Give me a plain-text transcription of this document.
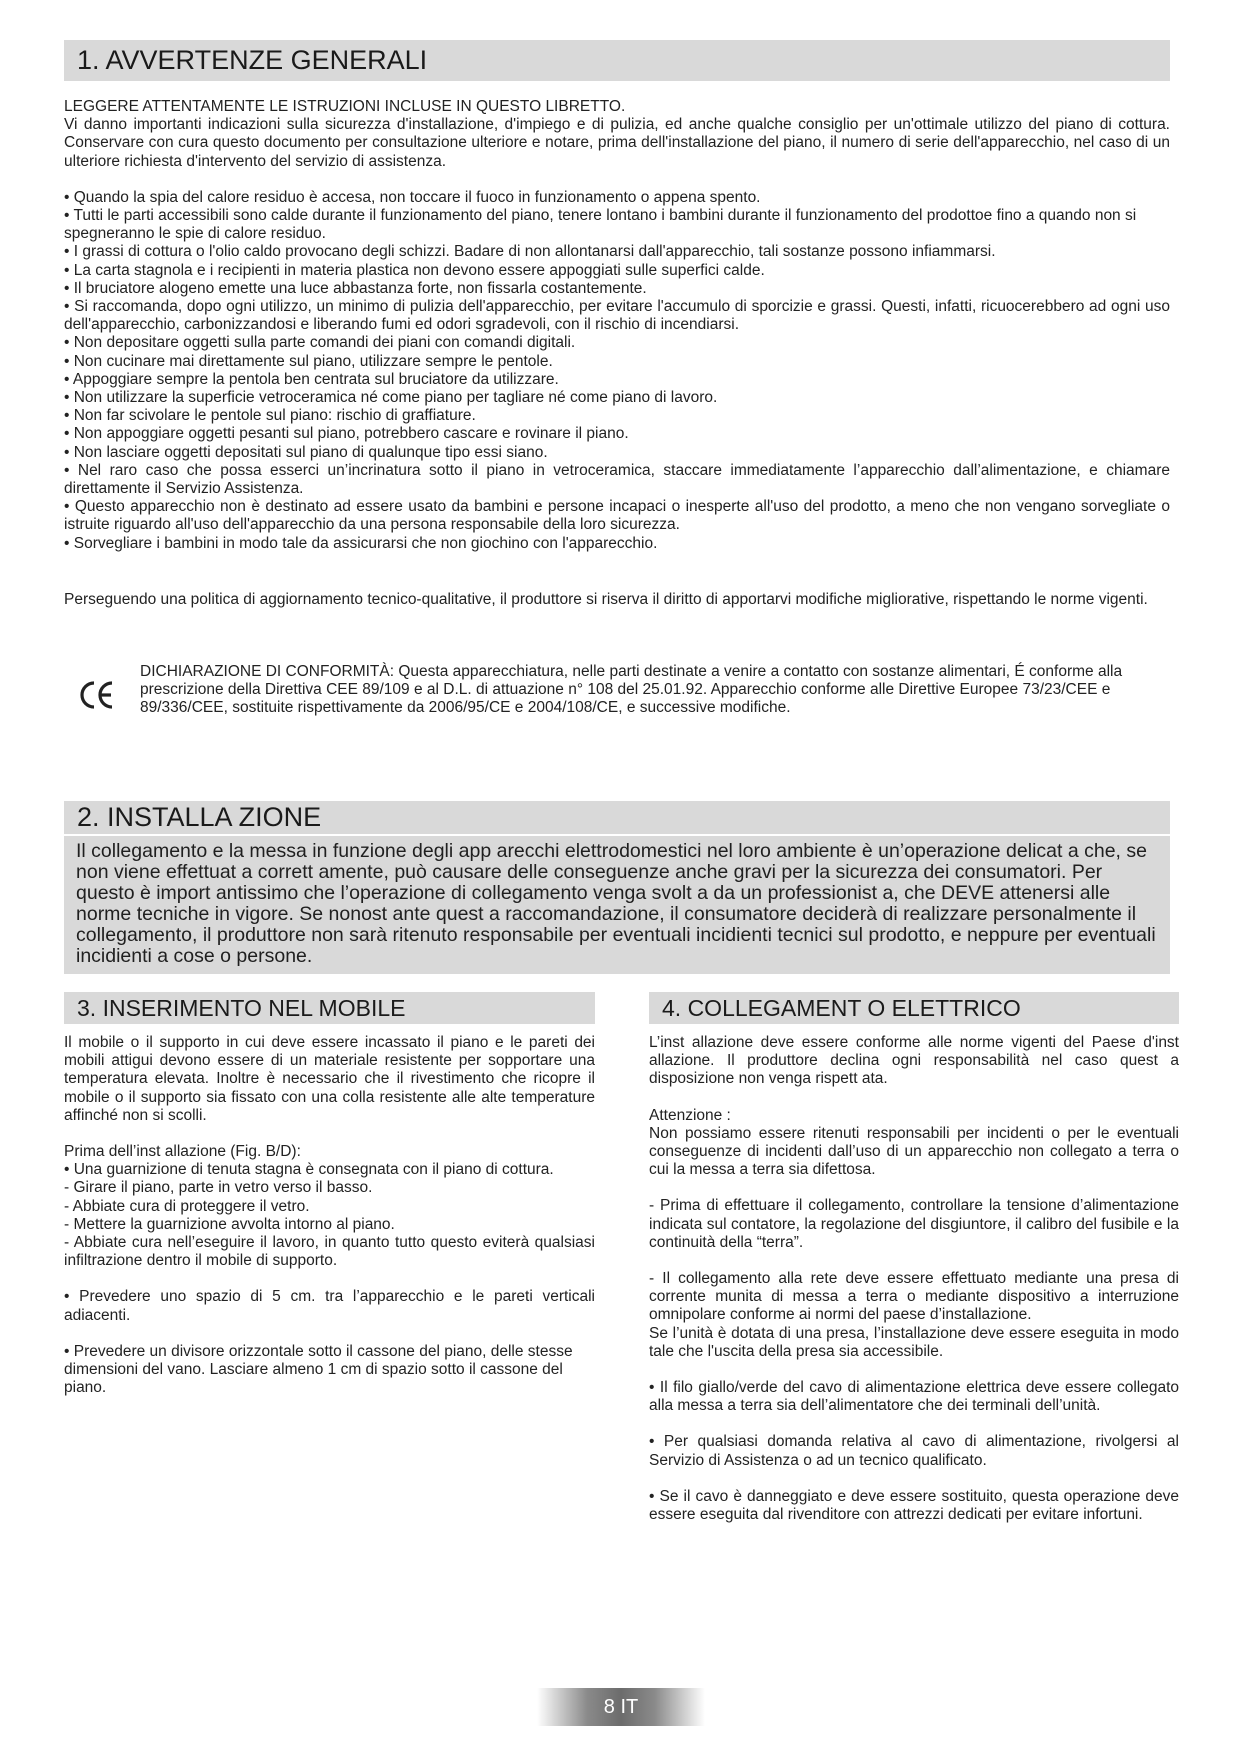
1. AVVERTENZE GENERALI

LEGGERE ATTENTAMENTE LE ISTRUZIONI INCLUSE IN QUESTO LIBRETTO.

Vi danno importanti indicazioni sulla sicurezza d'installazione, d'impiego e di pulizia, ed anche qualche consiglio per un'ottimale utilizzo del piano di cottura. Conservare con cura questo documento per consultazione ulteriore e notare, prima dell'installazione del piano, il numero di serie dell'apparecchio, nel caso di un ulteriore richiesta d'intervento del servizio di assistenza.

• Quando la spia del calore residuo è accesa, non toccare il fuoco in funzionamento o appena spento.

• Tutti le parti accessibili sono calde durante il funzionamento del piano, tenere lontano i bambini durante il funzionamento del prodottoe fino a quando non si spegneranno le spie di calore residuo.

• I grassi di cottura o l'olio caldo provocano degli schizzi. Badare di non allontanarsi dall'apparecchio, tali sostanze possono infiammarsi.

• La carta stagnola e i recipienti in materia plastica non devono essere appoggiati sulle superfici calde.

• Il bruciatore alogeno emette una luce abbastanza forte, non fissarla costantemente.

• Si raccomanda, dopo ogni utilizzo, un minimo di pulizia dell'apparecchio, per evitare l'accumulo di sporcizie e grassi. Questi, infatti, ricuocerebbero ad ogni uso dell'apparecchio, carbonizzandosi e liberando fumi ed odori sgradevoli, con il rischio di incendiarsi.

• Non depositare oggetti sulla parte comandi dei piani con comandi digitali.

• Non cucinare mai direttamente sul piano, utilizzare sempre le pentole.

• Appoggiare sempre la pentola ben centrata sul bruciatore da utilizzare.

• Non utilizzare la superficie vetroceramica né come piano per tagliare né come piano di lavoro.

• Non far scivolare le pentole sul piano: rischio di graffiature.

• Non appoggiare oggetti pesanti sul piano, potrebbero cascare e rovinare il piano.

• Non lasciare oggetti depositati sul piano di qualunque tipo essi siano.

• Nel raro caso che possa esserci un’incrinatura sotto il piano in vetroceramica, staccare immediatamente l’apparecchio dall’alimentazione, e chiamare direttamente il Servizio Assistenza.

• Questo apparecchio non è destinato ad essere usato da bambini e persone incapaci o inesperte all'uso del prodotto, a meno che non vengano sorvegliate o istruite riguardo all'uso dell'apparecchio da una persona responsabile della loro sicurezza.

• Sorvegliare i bambini in modo tale da assicurarsi che non giochino con l'apparecchio.

Perseguendo una politica di aggiornamento tecnico-qualitative, il produttore si riserva il diritto di apportarvi modifiche migliorative, rispettando le norme vigenti.

DICHIARAZIONE DI CONFORMITÀ: Questa apparecchiatura, nelle parti destinate a venire a contatto con sostanze alimentari, É conforme alla prescrizione della Direttiva CEE 89/109 e al D.L. di attuazione n° 108 del 25.01.92. Apparecchio conforme alle Direttive Europee 73/23/CEE e 89/336/CEE, sostituite rispettivamente da 2006/95/CE e 2004/108/CE, e successive modifiche.

2. INSTALLA ZIONE

Il collegamento e la messa in funzione degli app arecchi elettrodomestici nel loro ambiente è un’operazione delicat a che, se non viene effettuat a corrett amente, può causare delle conseguenze anche gravi per la sicurezza dei consumatori. Per questo è import antissimo che l’operazione di collegamento venga svolt a da un professionist a, che DEVE attenersi alle norme tecniche in vigore. Se nonost ante quest a raccomandazione, il consumatore deciderà di realizzare personalmente il collegamento, il produttore non sarà ritenuto responsabile per eventuali incidienti tecnici sul prodotto, e neppure per eventuali incidienti a cose o persone.

3. INSERIMENTO NEL MOBILE

Il mobile o il supporto in cui deve essere incassato il piano e le pareti dei mobili attigui devono essere di un materiale resistente per sopportare una temperatura elevata. Inoltre è necessario che il rivestimento che ricopre il mobile o il supporto sia fissato con una colla resistente alle alte temperature affinché non si scolli.

Prima dell’inst allazione (Fig. B/D):

• Una guarnizione di tenuta stagna è consegnata con il piano di cottura.

- Girare il piano, parte in vetro verso il basso.

- Abbiate cura di proteggere il vetro.

- Mettere la guarnizione avvolta intorno al piano.

- Abbiate cura nell’eseguire il lavoro, in quanto tutto questo eviterà qualsiasi infiltrazione dentro il mobile di supporto.

• Prevedere uno spazio di 5 cm. tra l’apparecchio e le pareti verticali adiacenti.

• Prevedere un divisore orizzontale sotto il cassone del piano, delle stesse dimensioni del vano. Lasciare almeno 1 cm di spazio sotto il cassone del piano.

4. COLLEGAMENT O ELETTRICO

L’inst allazione deve essere conforme alle norme vigenti del Paese d'inst allazione. Il produttore declina ogni responsabilità nel caso quest a disposizione non venga rispett ata.

Attenzione :

Non possiamo essere ritenuti responsabili per incidenti o per le eventuali conseguenze di incidenti dall’uso di un apparecchio non collegato a terra o cui la messa a terra sia difettosa.

- Prima di effettuare il collegamento, controllare la tensione d’alimentazione indicata sul contatore, la regolazione del disgiuntore, il calibro del fusibile e la continuità della “terra”.

- Il collegamento alla rete deve essere effettuato mediante una presa di corrente munita di messa a terra o mediante dispositivo a interruzione omnipolare conforme ai normi del paese d’installazione.

Se l’unità è dotata di una presa, l’installazione deve essere eseguita in modo tale che l'uscita della presa sia accessibile.

• Il filo giallo/verde del cavo di alimentazione elettrica deve essere collegato alla messa a terra sia dell’alimentatore che dei terminali dell’unità.

• Per qualsiasi domanda relativa al cavo di alimentazione, rivolgersi al Servizio di Assistenza o ad un tecnico qualificato.

• Se il cavo è danneggiato e deve essere sostituito, questa operazione deve essere eseguita dal rivenditore con attrezzi dedicati per evitare infortuni.

8 IT
